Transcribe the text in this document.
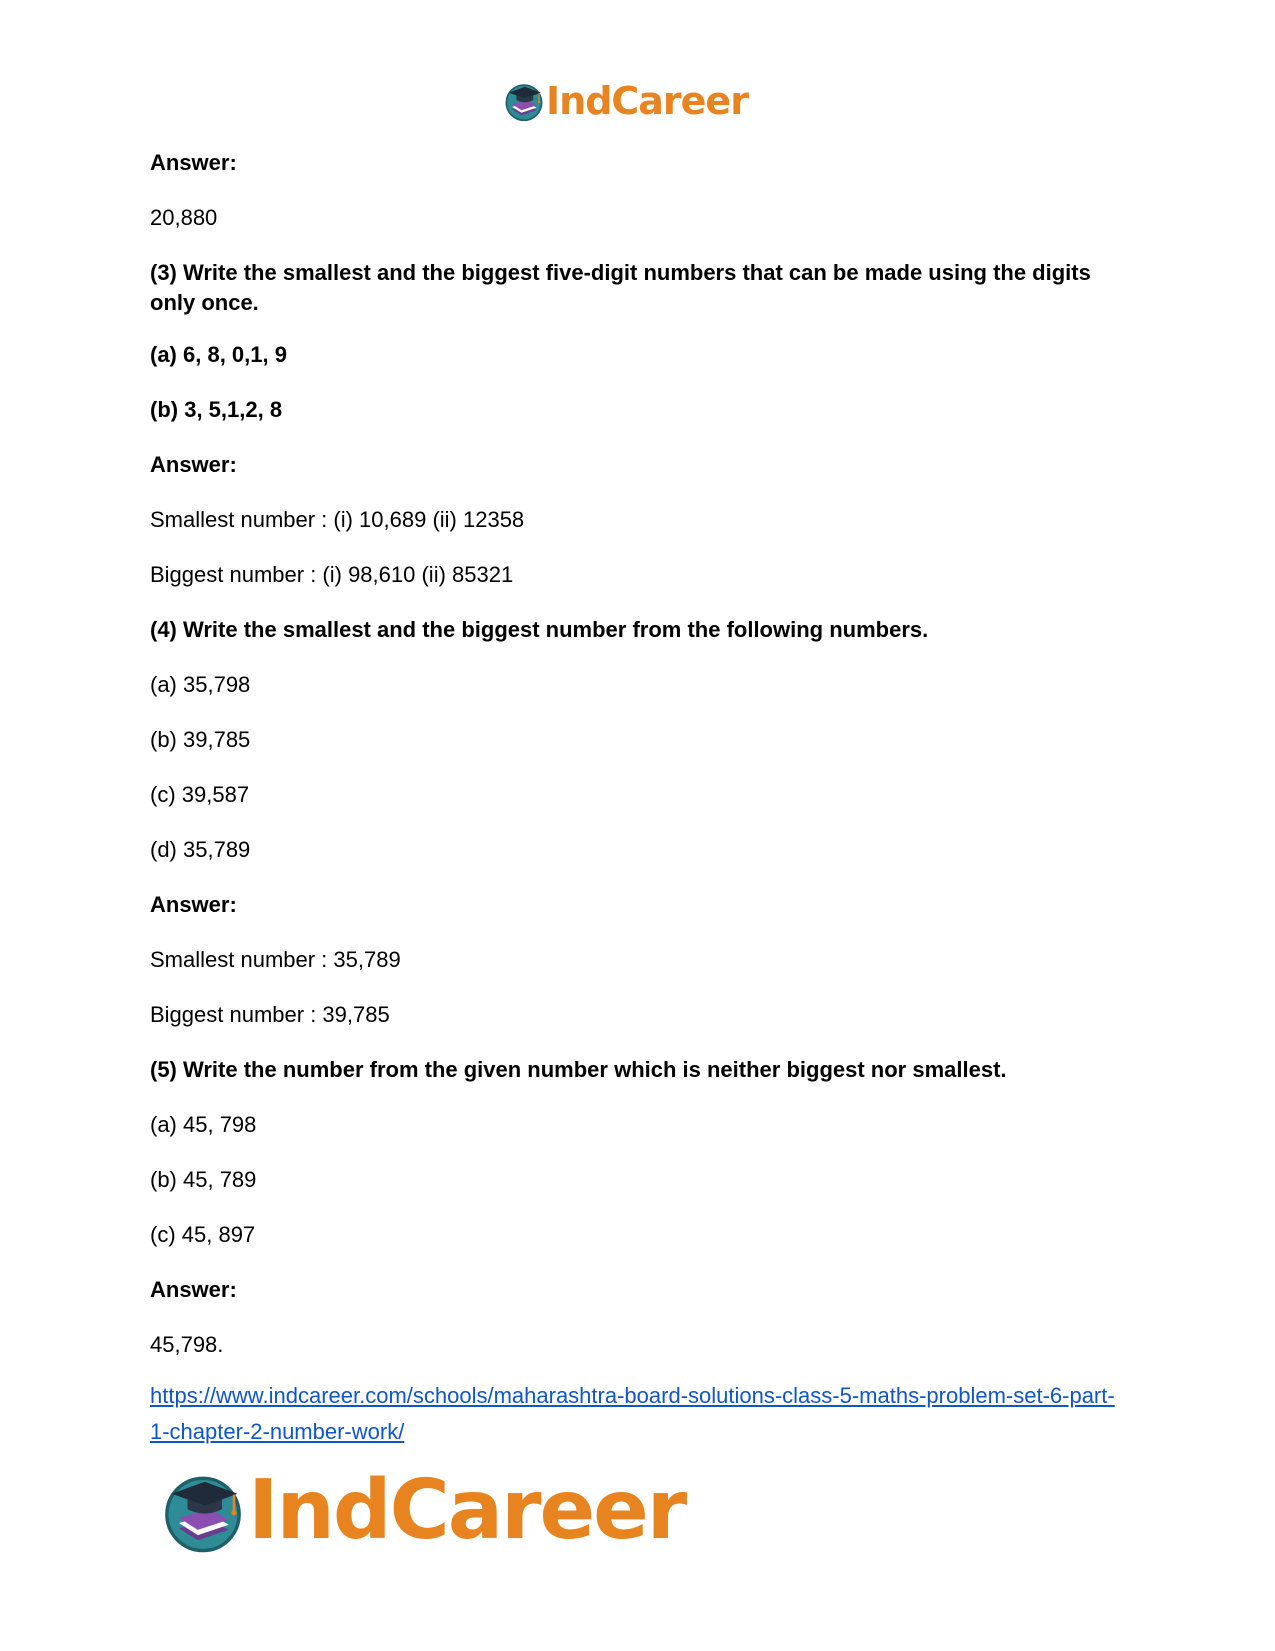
IndCareer

Answer:

20,880

(3) Write the smallest and the biggest five-digit numbers that can be made using the digits only once.

(a) 6, 8, 0,1, 9

(b) 3, 5,1,2, 8

Answer:

Smallest number : (i) 10,689 (ii) 12358

Biggest number : (i) 98,610 (ii) 85321

(4) Write the smallest and the biggest number from the following numbers.

(a) 35,798

(b) 39,785

(c) 39,587

(d) 35,789

Answer:

Smallest number : 35,789

Biggest number : 39,785

(5) Write the number from the given number which is neither biggest nor smallest.

(a) 45, 798

(b) 45, 789

(c) 45, 897

Answer:

45,798.

https://www.indcareer.com/schools/maharashtra-board-solutions-class-5-maths-problem-set-6-part-1-chapter-2-number-work/
IndCareer
